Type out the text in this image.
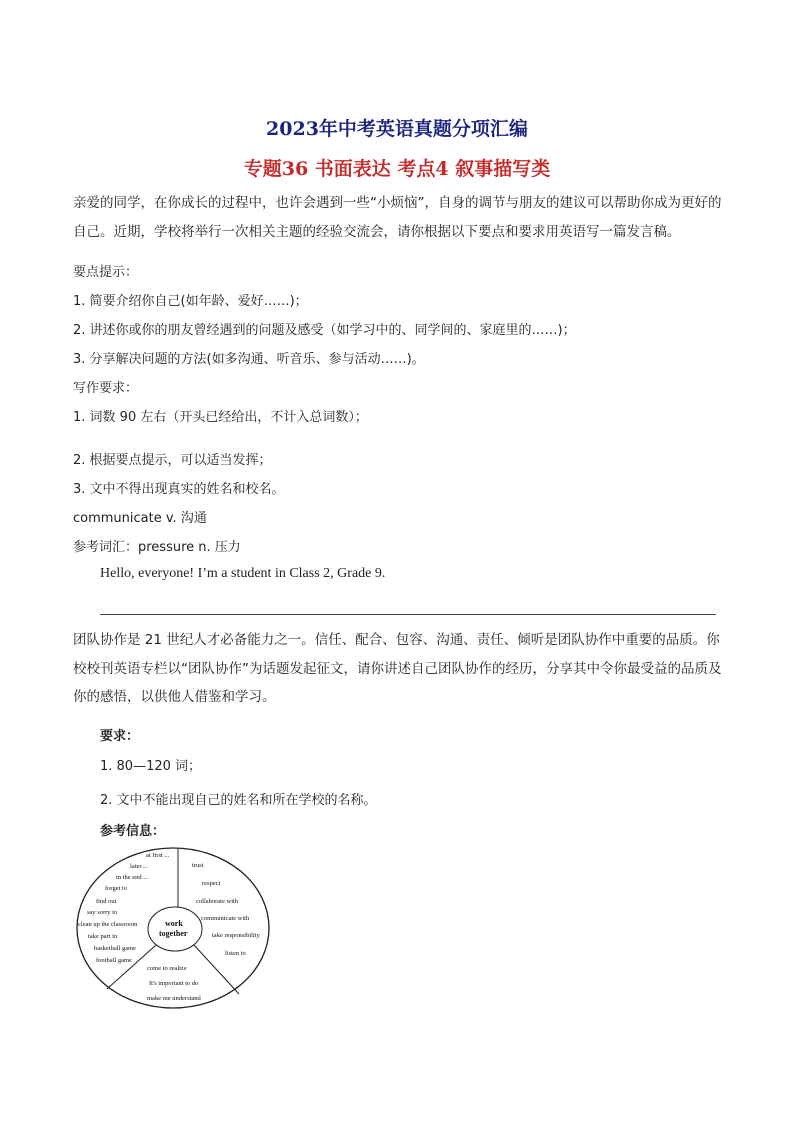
2023年中考英语真题分项汇编
专题36 书面表达 考点4 叙事描写类
亲爱的同学，在你成长的过程中，也许会遇到一些“小烦恼”，自身的调节与朋友的建议可以帮助你成为更好的自己。近期，学校将举行一次相关主题的经验交流会，请你根据以下要点和要求用英语写一篇发言稿。
要点提示：
1. 简要介绍你自己(如年龄、爱好……)；
2. 讲述你或你的朋友曾经遇到的问题及感受（如学习中的、同学间的、家庭里的……)；
3. 分享解决问题的方法(如多沟通、听音乐、参与活动……)。
写作要求：
1. 词数 90 左右（开头已经给出，不计入总词数）；
2. 根据要点提示，可以适当发挥；
3. 文中不得出现真实的姓名和校名。
communicate v. 沟通
参考词汇：pressure n. 压力
Hello, everyone! I’m a student in Class 2, Grade 9.
团队协作是 21 世纪人才必备能力之一。信任、配合、包容、沟通、责任、倾听是团队协作中重要的品质。你校校刊英语专栏以“团队协作”为话题发起征文，请你讲述自己团队协作的经历，分享其中令你最受益的品质及你的感悟，以供他人借鉴和学习。
要求：
1. 80—120 词；
2. 文中不能出现自己的姓名和所在学校的名称。
参考信息：
work
together
at first ...
later ...
in the end ...
forget to
find out
say sorry to
clean up the classroom
take part in
basketball game
football game
trust
respect
collaborate with
communicate with
take responsibility
listen to
come to realize
It's important to do
make me understand
